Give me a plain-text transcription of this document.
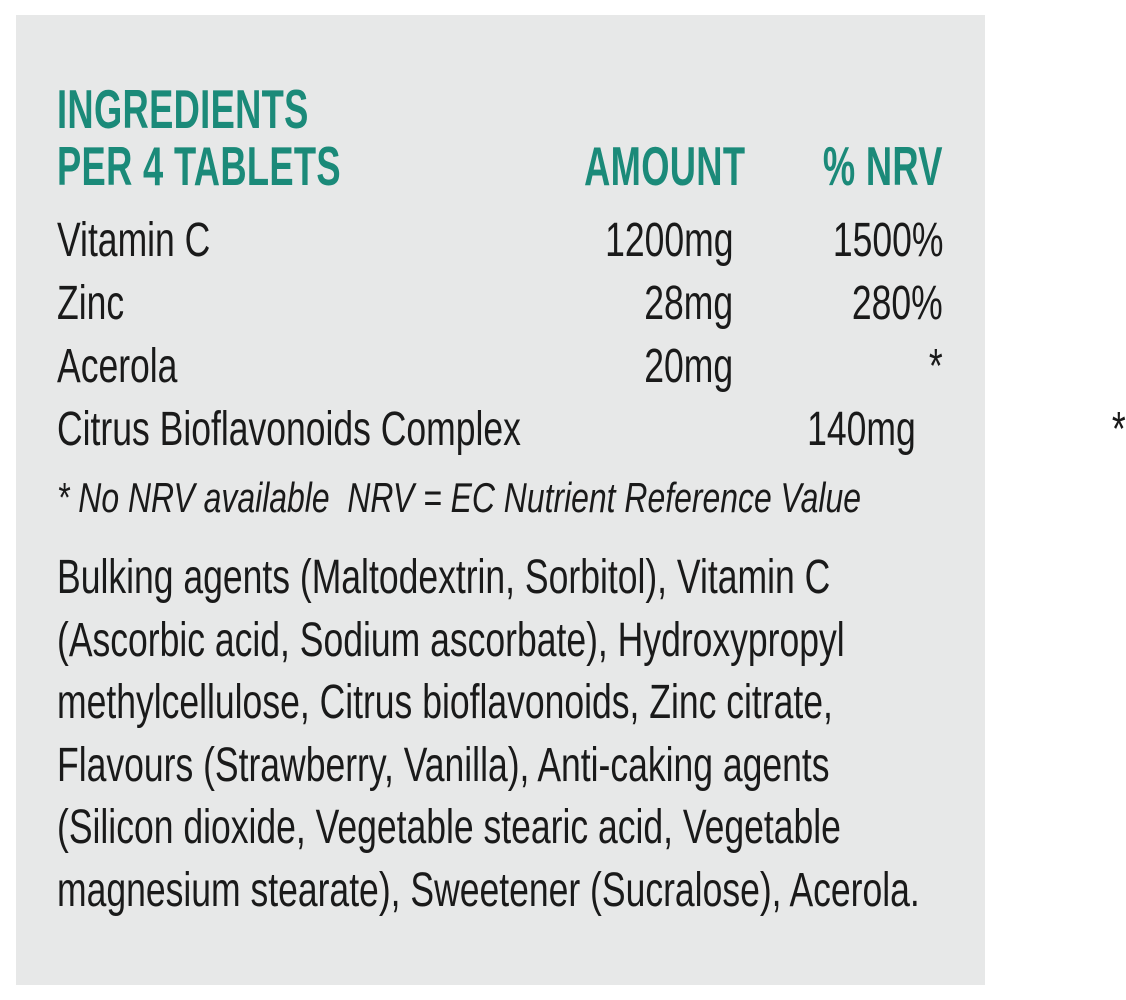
INGREDIENTS
PER 4 TABLETS	AMOUNT	% NRV
Vitamin C	1200mg	1500%
Zinc	28mg	280%
Acerola	20mg	*
Citrus Bioflavonoids Complex	140mg	*
* No NRV available  NRV = EC Nutrient Reference Value
Bulking agents (Maltodextrin, Sorbitol), Vitamin C (Ascorbic acid, Sodium ascorbate), Hydroxypropyl methylcellulose, Citrus bioflavonoids, Zinc citrate, Flavours (Strawberry, Vanilla), Anti-caking agents (Silicon dioxide, Vegetable stearic acid, Vegetable magnesium stearate), Sweetener (Sucralose), Acerola.
